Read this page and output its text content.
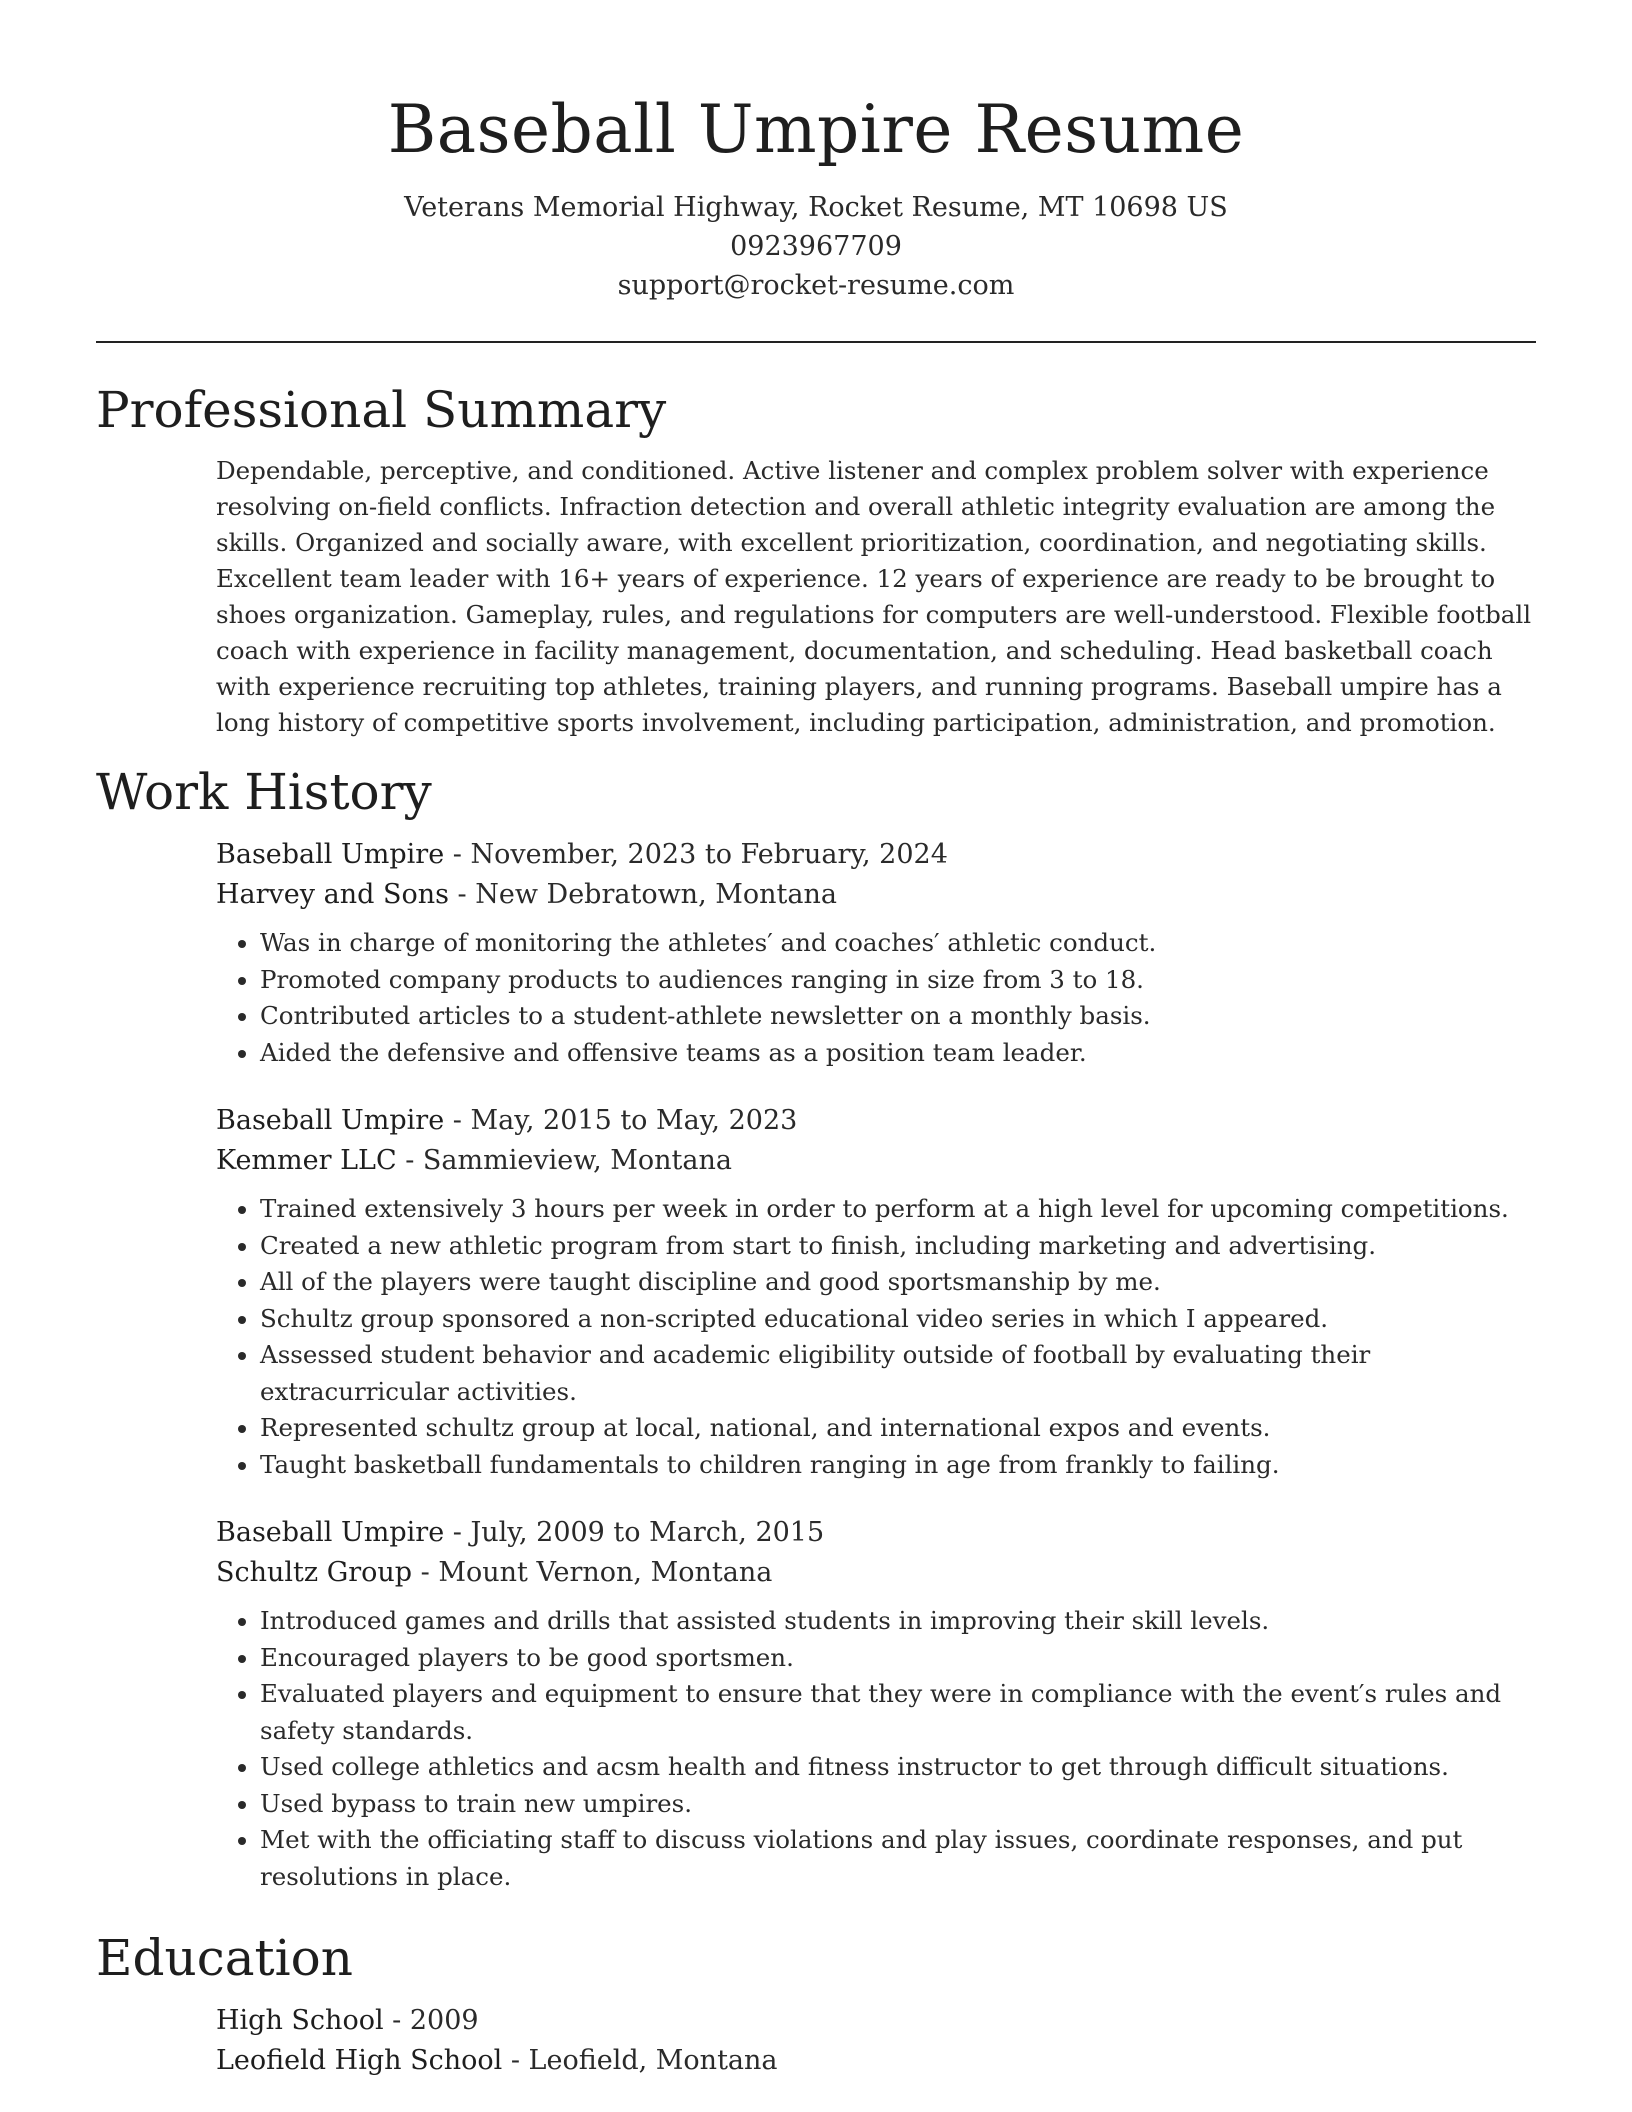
Baseball Umpire Resume
Veterans Memorial Highway, Rocket Resume, MT 10698 US
0923967709
support@rocket-resume.com
Professional Summary

Dependable, perceptive, and conditioned. Active listener and complex problem solver with experience resolving on-field conflicts. Infraction detection and overall athletic integrity evaluation are among the skills. Organized and socially aware, with excellent prioritization, coordination, and negotiating skills. Excellent team leader with 16+ years of experience. 12 years of experience are ready to be brought to shoes organization. Gameplay, rules, and regulations for computers are well-understood. Flexible football coach with experience in facility management, documentation, and scheduling. Head basketball coach with experience recruiting top athletes, training players, and running programs. Baseball umpire has a long history of competitive sports involvement, including participation, administration, and promotion.

Work History
Baseball Umpire - November, 2023 to February, 2024
Harvey and Sons - New Debratown, Montana
• Was in charge of monitoring the athletes′ and coaches′ athletic conduct.
• Promoted company products to audiences ranging in size from 3 to 18.
• Contributed articles to a student-athlete newsletter on a monthly basis.
• Aided the defensive and offensive teams as a position team leader.
Baseball Umpire - May, 2015 to May, 2023
Kemmer LLC - Sammieview, Montana
• Trained extensively 3 hours per week in order to perform at a high level for upcoming competitions.
• Created a new athletic program from start to finish, including marketing and advertising.
• All of the players were taught discipline and good sportsmanship by me.
• Schultz group sponsored a non-scripted educational video series in which I appeared.
• Assessed student behavior and academic eligibility outside of football by evaluating their extracurricular activities.
• Represented schultz group at local, national, and international expos and events.
• Taught basketball fundamentals to children ranging in age from frankly to failing.
Baseball Umpire - July, 2009 to March, 2015
Schultz Group - Mount Vernon, Montana
• Introduced games and drills that assisted students in improving their skill levels.
• Encouraged players to be good sportsmen.
• Evaluated players and equipment to ensure that they were in compliance with the event′s rules and safety standards.
• Used college athletics and acsm health and fitness instructor to get through difficult situations.
• Used bypass to train new umpires.
• Met with the officiating staff to discuss violations and play issues, coordinate responses, and put resolutions in place.
Education
High School - 2009
Leofield High School - Leofield, Montana
